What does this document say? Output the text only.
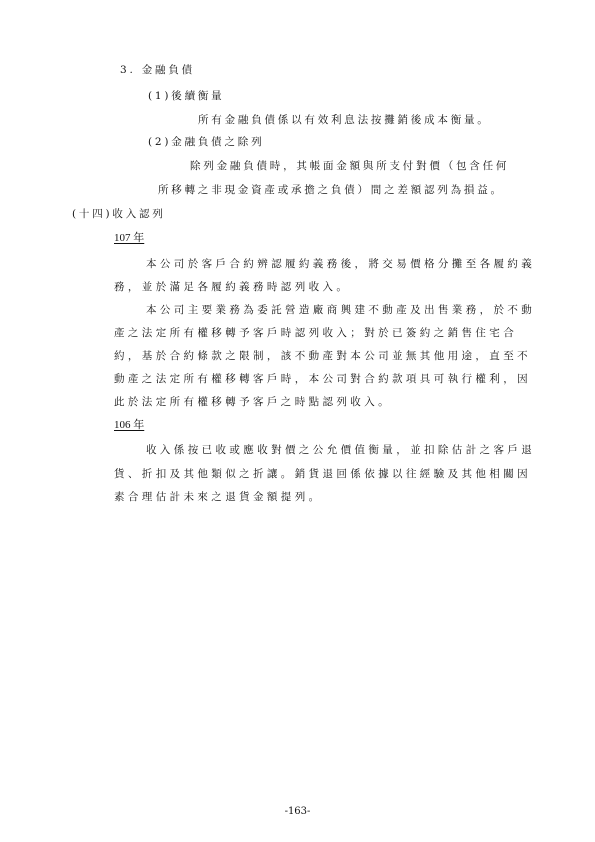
3. 金融負債
(1)後續衡量
所有金融負債係以有效利息法按攤銷後成本衡量。
(2)金融負債之除列
除列金融負債時，其帳面金額與所支付對價（包含任何
所移轉之非現金資產或承擔之負債）間之差額認列為損益。
(十四)收入認列
107 年
本公司於客戶合約辨認履約義務後，將交易價格分攤至各履約義
務，並於滿足各履約義務時認列收入。
本公司主要業務為委託營造廠商興建不動產及出售業務，於不動
產之法定所有權移轉予客戶時認列收入；對於已簽約之銷售住宅合
約，基於合約條款之限制，該不動產對本公司並無其他用途，直至不
動產之法定所有權移轉客戶時，本公司對合約款項具可執行權利，因
此於法定所有權移轉予客戶之時點認列收入。
106 年
收入係按已收或應收對價之公允價值衡量，並扣除估計之客戶退
貨、折扣及其他類似之折讓。銷貨退回係依據以往經驗及其他相關因
素合理估計未來之退貨金額提列。
-163-
